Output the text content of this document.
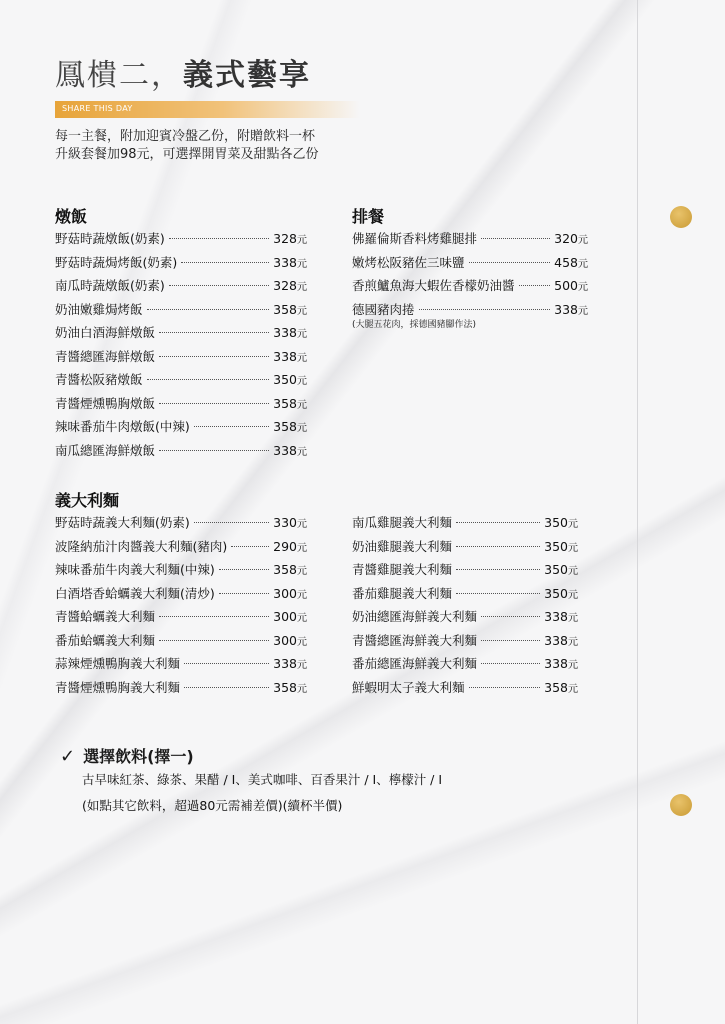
鳳樻二，義式藝享
SHARE THIS DAY
每一主餐，附加迎賓冷盤乙份，附贈飲料一杯
升級套餐加98元，可選擇開胃菜及甜點各乙份
燉飯
野菇時蔬燉飯(奶素)	328 元
野菇時蔬焗烤飯(奶素)	338 元
南瓜時蔬燉飯(奶素)	328 元
奶油嫩雞焗烤飯	358 元
奶油白酒海鮮燉飯	338 元
青醬總匯海鮮燉飯	338 元
青醬松阪豬燉飯	350 元
青醬煙燻鴨胸燉飯	358 元
辣味番茄牛肉燉飯(中辣)	358 元
南瓜總匯海鮮燉飯	338 元
排餐
佛羅倫斯香料烤雞腿排	320 元
嫩烤松阪豬佐三味鹽	458 元
香煎鱸魚海大蝦佐香檬奶油醬	500 元
德國豬肉捲	338 元
(大腿五花肉，採德國豬腳作法)
義大利麵
野菇時蔬義大利麵(奶素)	330 元
波隆納茄汁肉醬義大利麵(豬肉)	290 元
辣味番茄牛肉義大利麵(中辣)	358 元
白酒塔香蛤蠣義大利麵(清炒)	300 元
青醬蛤蠣義大利麵	300 元
番茄蛤蠣義大利麵	300 元
蒜辣煙燻鴨胸義大利麵	338 元
青醬煙燻鴨胸義大利麵	358 元
南瓜雞腿義大利麵	350 元
奶油雞腿義大利麵	350 元
青醬雞腿義大利麵	350 元
番茄雞腿義大利麵	350 元
奶油總匯海鮮義大利麵	338 元
青醬總匯海鮮義大利麵	338 元
番茄總匯海鮮義大利麵	338 元
鮮蝦明太子義大利麵	358 元
✓ 選擇飲料(擇一)
古早味紅茶、綠茶、果醋 / I、美式咖啡、百香果汁 / I、檸檬汁 / I
(如點其它飲料，超過80元需補差價)(續杯半價)
